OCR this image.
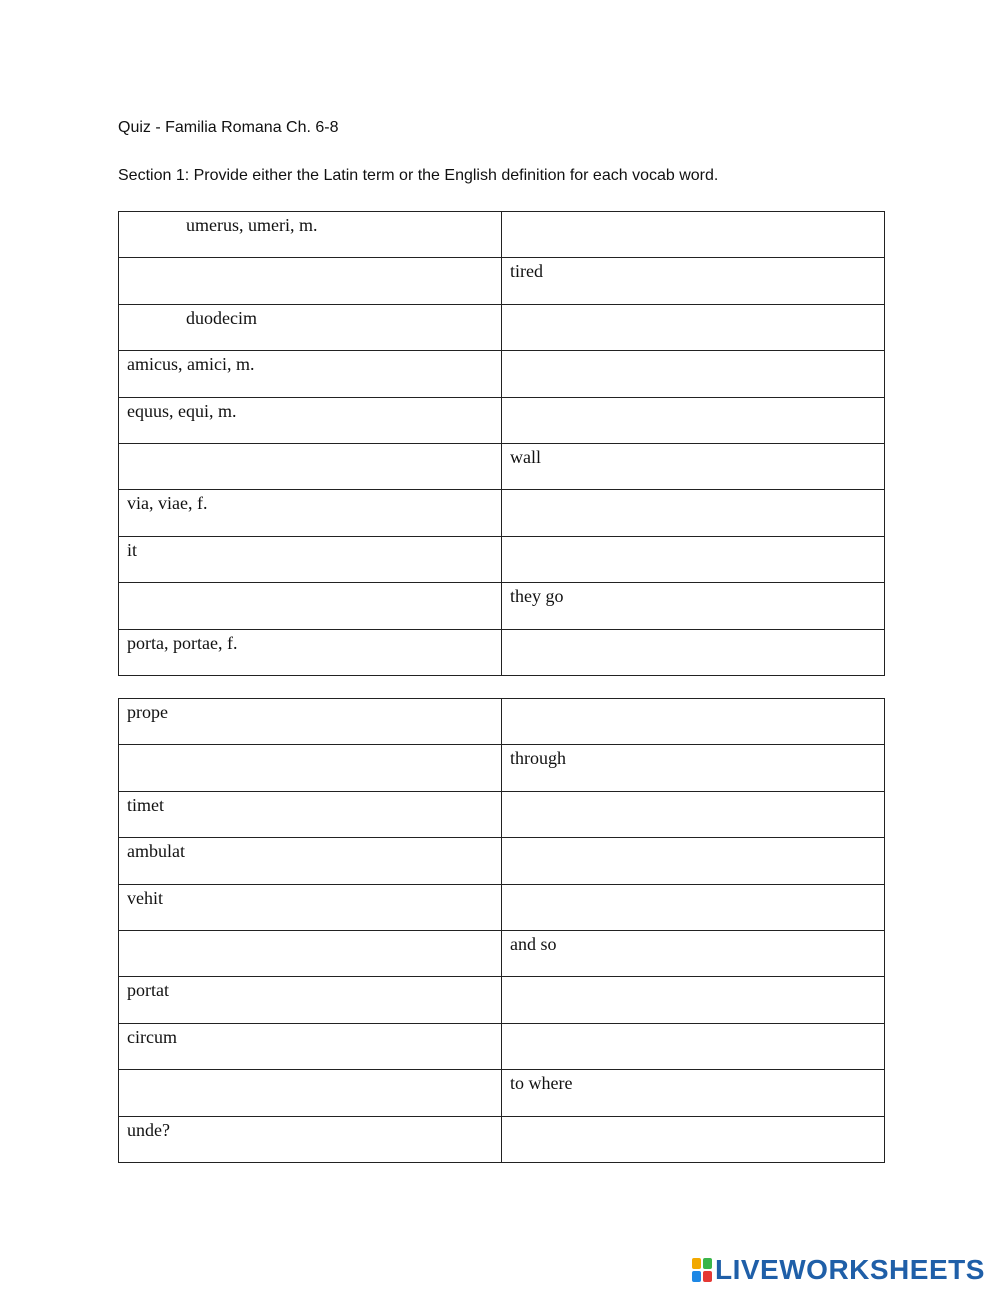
Quiz - Familia Romana Ch. 6-8
Section 1: Provide either the Latin term or the English definition for each vocab word.
umerus, umeri, m.	
	tired
duodecim	
amicus, amici, m.	
equus, equi, m.	
	wall
via, viae, f.	
it	
	they go
porta, portae, f.	
prope	
	through
timet	
ambulat	
vehit	
	and so
portat	
circum	
	to where
unde?	
LIVEWORKSHEETS
